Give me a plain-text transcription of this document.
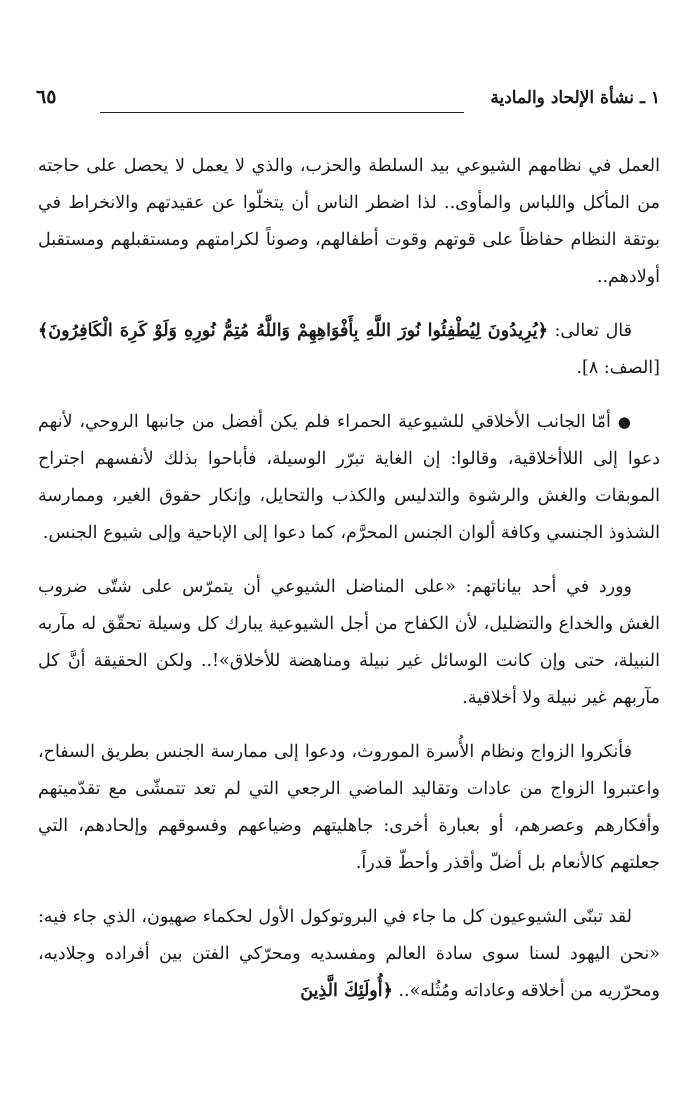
١ ـ نشأة الإلحاد والمادية
٦٥

العمل في نظامهم الشيوعي بيد السلطة والحزب، والذي لا يعمل لا يحصل على حاجته من المأكل واللباس والمأوى.. لذا اضطر الناس أن يتخلّوا عن عقيدتهم والانخراط في بوتقة النظام حفاظاً على قوتهم وقوت أطفالهم، وصوناً لكرامتهم ومستقبلهم ومستقبل أولادهم..

قال تعالى: ﴿يُرِيدُونَ لِيُطْفِئُوا نُورَ اللَّهِ بِأَفْوَاهِهِمْ وَاللَّهُ مُتِمُّ نُورِهِ وَلَوْ كَرِهَ الْكَافِرُونَ﴾ [الصف: ٨].

● أمّا الجانب الأخلاقي للشيوعية الحمراء فلم يكن أفضل من جانبها الروحي، لأنهم دعوا إلى اللاأخلاقية، وقالوا: إن الغاية تبرّر الوسيلة، فأباحوا بذلك لأنفسهم اجتراح الموبقات والغش والرشوة والتدليس والكذب والتحايل، وإنكار حقوق الغير، وممارسة الشذوذ الجنسي وكافة ألوان الجنس المحرَّم، كما دعوا إلى الإباحية وإلى شيوع الجنس.

وورد في أحد بياناتهم: «على المناضل الشيوعي أن يتمرّس على شتّى ضروب الغش والخداع والتضليل، لأن الكفاح من أجل الشيوعية يبارك كل وسيلة تحقّق له مآربه النبيلة، حتى وإن كانت الوسائل غير نبيلة ومناهضة للأخلاق»!.. ولكن الحقيقة أنَّ كل مآربهم غير نبيلة ولا أخلاقية.

فأنكروا الزواج ونظام الأُسرة الموروث، ودعوا إلى ممارسة الجنس بطريق السفاح، واعتبروا الزواج من عادات وتقاليد الماضي الرجعي التي لم تعد تتمشّى مع تقدّميتهم وأفكارهم وعصرهم، أو بعبارة أخرى: جاهليتهم وضياعهم وفسوقهم وإلحادهم، التي جعلتهم كالأنعام بل أضلّ وأقذر وأحطّ قدراً.

لقد تبنّى الشيوعيون كل ما جاء في البروتوكول الأول لحكماء صهيون، الذي جاء فيه: «نحن اليهود لسنا سوى سادة العالم ومفسديه ومحرّكي الفتن بين أفراده وجلاديه، ومحرّريه من أخلاقه وعاداته ومُثُله».. ﴿أُولَئِكَ الَّذِينَ
